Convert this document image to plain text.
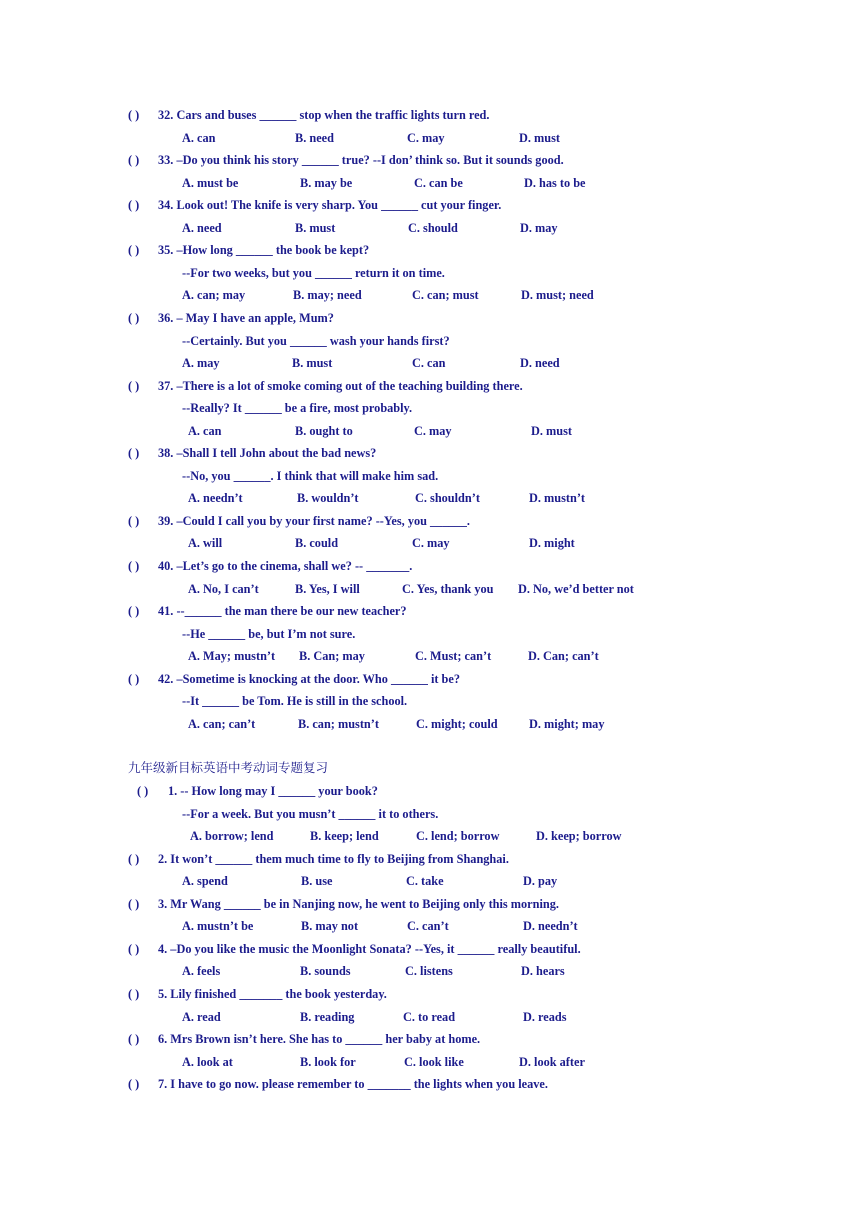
( ) 32. Cars and buses ______ stop when the traffic lights turn red.
A. can	B. need	C. may	D. must
( ) 33. –Do you think his story ______ true? --I don’ think so. But it sounds good.
A. must be	B. may be	C. can be	D. has to be
( ) 34. Look out! The knife is very sharp. You ______ cut your finger.
A. need	B. must	C. should	D. may
( ) 35. –How long ______ the book be kept?
--For two weeks, but you ______ return it on time.
A. can; may	B. may; need	C. can; must	D. must; need
( ) 36. – May I have an apple, Mum?
--Certainly. But you ______ wash your hands first?
A. may	B. must	C. can	D. need
( ) 37. –There is a lot of smoke coming out of the teaching building there.
--Really? It ______ be a fire, most probably.
A. can	B. ought to	C. may	D. must
( ) 38. –Shall I tell John about the bad news?
--No, you ______. I think that will make him sad.
A. needn’t	B. wouldn’t	C. shouldn’t	D. mustn’t
( ) 39. –Could I call you by your first name? --Yes, you ______.
A. will	B. could	C. may	D. might
( ) 40. –Let’s go to the cinema, shall we? -- _______.
A. No, I can’t	B. Yes, I will	C. Yes, thank you D. No, we’d better not
( ) 41. --______ the man there be our new teacher?
--He ______ be, but I’m not sure.
A. May; mustn’t B. Can; may	C. Must; can’t	D. Can; can’t
( ) 42. –Sometime is knocking at the door. Who ______ it be?
--It ______ be Tom. He is still in the school.
A. can; can’t	B. can; mustn’t	C. might; could	D. might; may
九年级新目标英语中考动词专题复习
( ) 1. -- How long may I ______ your book?
--For a week. But you musn’t ______ it to others.
A. borrow; lend	B. keep; lend	C. lend; borrow	D. keep; borrow
( ) 2. It won’t ______ them much time to fly to Beijing from Shanghai.
A. spend	B. use	C. take	D. pay
( ) 3. Mr Wang ______ be in Nanjing now, he went to Beijing only this morning.
A. mustn’t be	B. may not	C. can’t	D. needn’t
( ) 4. –Do you like the music the Moonlight Sonata? --Yes, it ______ really beautiful.
A. feels	B. sounds	C. listens	D. hears
( ) 5. Lily finished _______ the book yesterday.
A. read	B. reading	C. to read	D. reads
( ) 6. Mrs Brown isn’t here. She has to ______ her baby at home.
A. look at	B. look for	C. look like	D. look after
( ) 7. I have to go now. please remember to _______ the lights when you leave.
